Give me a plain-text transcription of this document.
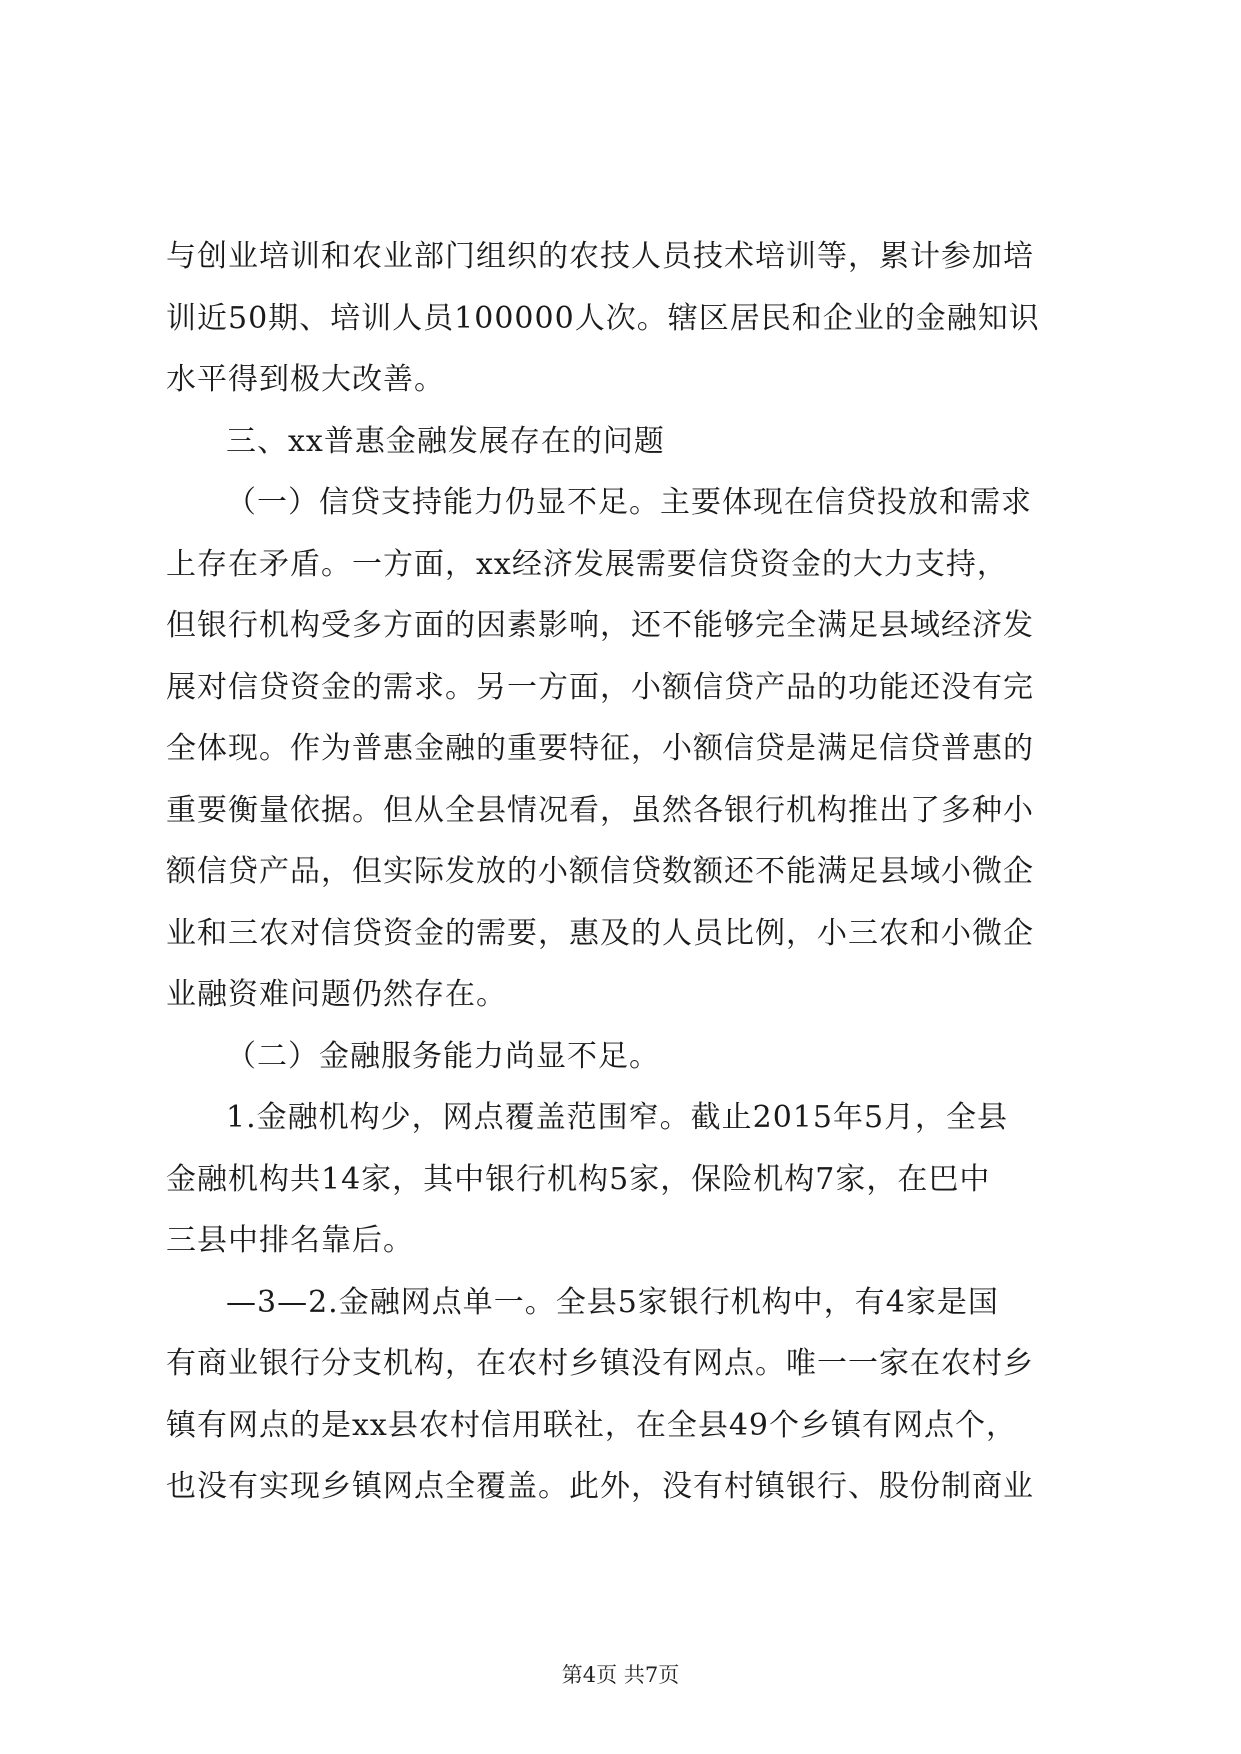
与创业培训和农业部门组织的农技人员技术培训等，累计参加培
训近50期、培训人员100000人次。辖区居民和企业的金融知识
水平得到极大改善。
三、xx普惠金融发展存在的问题
（一）信贷支持能力仍显不足。主要体现在信贷投放和需求
上存在矛盾。一方面，xx经济发展需要信贷资金的大力支持，
但银行机构受多方面的因素影响，还不能够完全满足县域经济发
展对信贷资金的需求。另一方面，小额信贷产品的功能还没有完
全体现。作为普惠金融的重要特征，小额信贷是满足信贷普惠的
重要衡量依据。但从全县情况看，虽然各银行机构推出了多种小
额信贷产品，但实际发放的小额信贷数额还不能满足县域小微企
业和三农对信贷资金的需要，惠及的人员比例，小三农和小微企
业融资难问题仍然存在。
（二）金融服务能力尚显不足。
1.金融机构少，网点覆盖范围窄。截止2015年5月，全县
金融机构共14家，其中银行机构5家，保险机构7家，在巴中
三县中排名靠后。
—3—2.金融网点单一。全县5家银行机构中，有4家是国
有商业银行分支机构，在农村乡镇没有网点。唯一一家在农村乡
镇有网点的是xx县农村信用联社，在全县49个乡镇有网点个，
也没有实现乡镇网点全覆盖。此外，没有村镇银行、股份制商业
第4页 共7页
